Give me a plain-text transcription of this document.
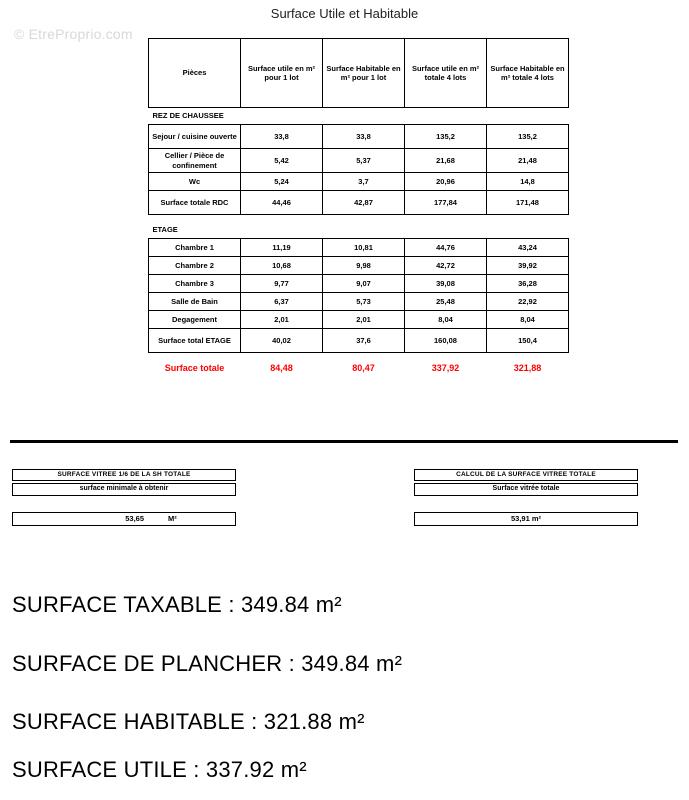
© EtreProprio.com
Surface Utile et Habitable
Pièces	Surface utile en m² pour 1 lot	Surface Habitable en m² pour 1 lot	Surface utile en m² totale 4 lots	Surface Habitable en m² totale 4 lots
REZ DE CHAUSSEE				
Sejour / cuisine ouverte	33,8	33,8	135,2	135,2
Cellier / Pièce de confinement	5,42	5,37	21,68	21,48
Wc	5,24	3,7	20,96	14,8
Surface totale RDC	44,46	42,87	177,84	171,48

ETAGE				
Chambre 1	11,19	10,81	44,76	43,24
Chambre 2	10,68	9,98	42,72	39,92
Chambre 3	9,77	9,07	39,08	36,28
Salle de Bain	6,37	5,73	25,48	22,92
Degagement	2,01	2,01	8,04	8,04
Surface total ETAGE	40,02	37,6	160,08	150,4
Surface totale	84,48	80,47	337,92	321,88
SURFACE VITREE 1/6 DE LA SH TOTALE
surface minimale à obtenir
53,65	M²
CALCUL DE LA SURFACE VITREE TOTALE
Surface vitrée totale
53,91 m²
SURFACE TAXABLE : 349.84 m²
SURFACE DE PLANCHER : 349.84 m²
SURFACE HABITABLE : 321.88 m²
SURFACE UTILE : 337.92 m²
